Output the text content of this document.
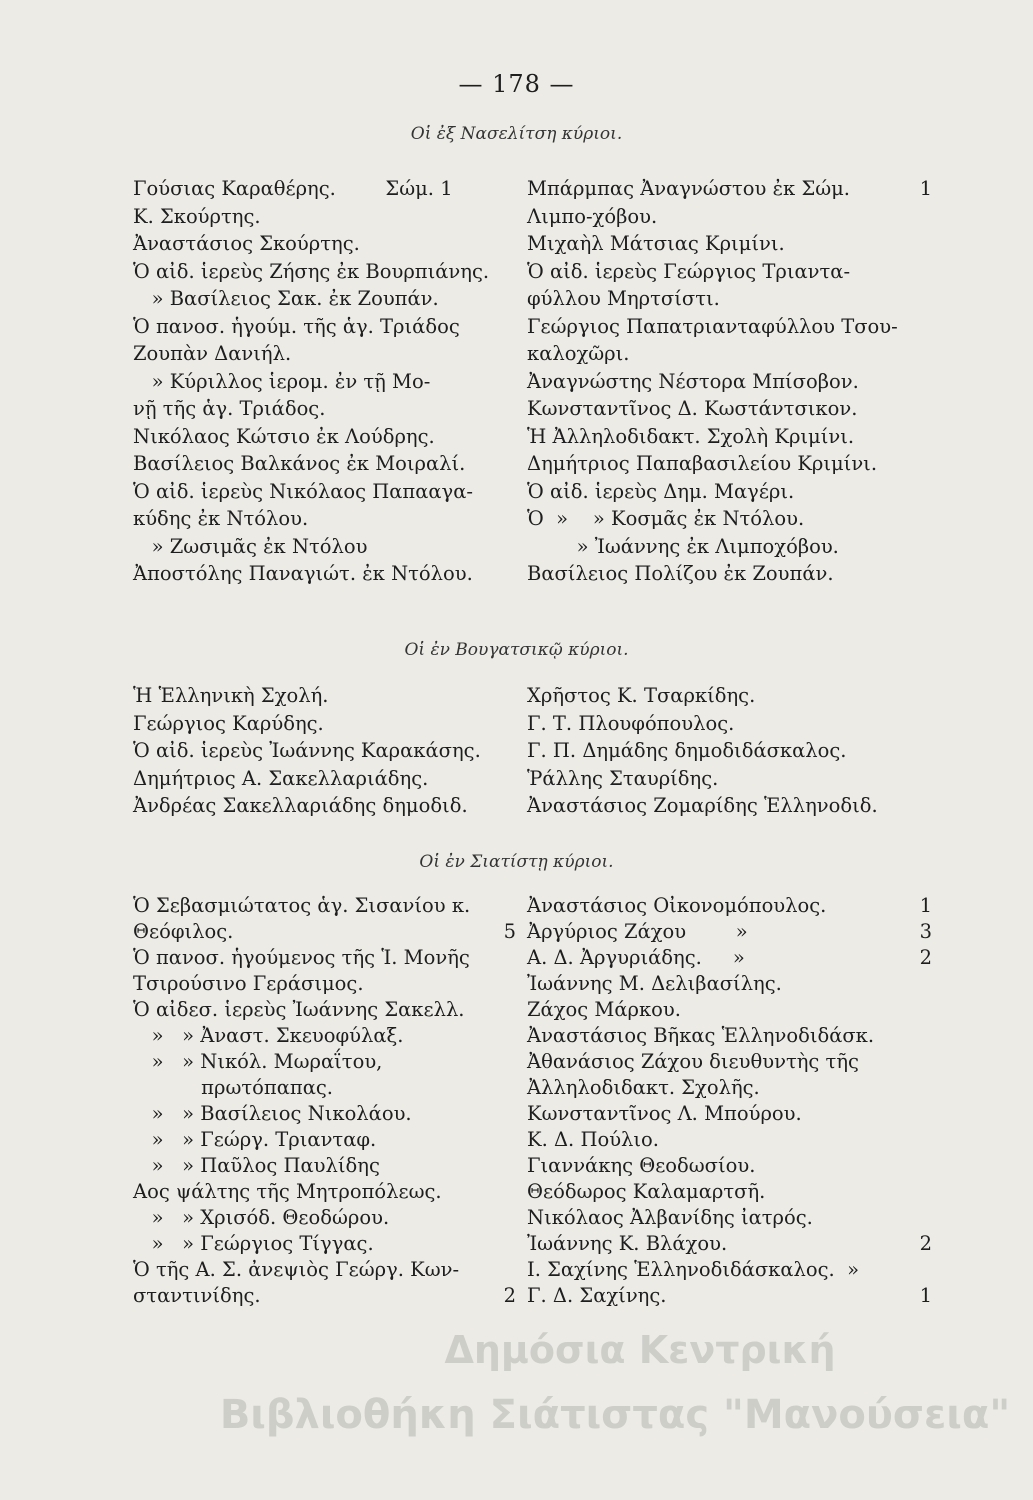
— 178 —
Οἱ ἐξ Νασελίτση κύριοι.
Γούσιας Καραθέρης.        Σώμ. 1
Κ. Σκούρτης.
Ἀναστάσιος Σκούρτης.
Ὁ αἰδ. ἱερεὺς Ζήσης ἐκ Βουρπιάνης.
» Βασίλειος Σακ. ἐκ Ζουπάν.
Ὁ πανοσ. ἡγούμ. τῆς ἁγ. Τριάδος
Ζουπὰν Δανιήλ.
» Κύριλλος ἱερομ. ἐν τῇ Μο-
νῇ τῆς ἁγ. Τριάδος.
Νικόλαος Κώτσιο ἐκ Λούδρης.
Βασίλειος Βαλκάνος ἐκ Μοιραλί.
Ὁ αἰδ. ἱερεὺς Νικόλαος Παπααγα-
κύδης ἐκ Ντόλου.
» Ζωσιμᾶς ἐκ Ντόλου
Ἀποστόλης Παναγιώτ. ἐκ Ντόλου.
Μπάρμπας Ἀναγνώστου ἐκ Σώμ.	1
Λιμπο-χόβου.
Μιχαὴλ Μάτσιας Κριμίνι.
Ὁ αἰδ. ἱερεὺς Γεώργιος Τριαντα-
φύλλου Μηρτσίστι.
Γεώργιος Παπατριανταφύλλου Τσου-
καλοχῶρι.
Ἀναγνώστης Νέστορα Μπίσοβον.
Κωνσταντῖνος Δ. Κωστάντσικον.
Ἡ Ἀλληλοδιδακτ. Σχολὴ Κριμίνι.
Δημήτριος Παπαβασιλείου Κριμίνι.
Ὁ αἰδ. ἱερεὺς Δημ. Μαγέρι.
Ὁ  »    » Κοσμᾶς ἐκ Ντόλου.
» Ἰωάννης ἐκ Λιμποχόβου.
Βασίλειος Πολίζου ἐκ Ζουπάν.
Οἱ ἐν Βουγατσικῷ κύριοι.
Ἡ Ἑλληνικὴ Σχολή.
Γεώργιος Καρύδης.
Ὁ αἰδ. ἱερεὺς Ἰωάννης Καρακάσης.
Δημήτριος Α. Σακελλαριάδης.
Ἀνδρέας Σακελλαριάδης δημοδιδ.
Χρῆστος Κ. Τσαρκίδης.
Γ. Τ. Πλουφόπουλος.
Γ. Π. Δημάδης δημοδιδάσκαλος.
Ῥάλλης Σταυρίδης.
Ἀναστάσιος Ζομαρίδης Ἑλληνοδιδ.
Οἱ ἐν Σιατίστῃ κύριοι.
Ὁ Σεβασμιώτατος ἁγ. Σισανίου κ.
Θεόφιλος.	5
Ὁ πανοσ. ἡγούμενος τῆς Ἱ. Μονῆς
Τσιρούσινο Γεράσιμος.
Ὁ αἰδεσ. ἱερεὺς Ἰωάννης Σακελλ.
»   » Ἀναστ. Σκευοφύλαξ.
»   » Νικόλ. Μωραΐτου,
πρωτόπαπας.
»   » Βασίλειος Νικολάου.
»   » Γεώργ. Τριανταφ.
»   » Παῦλος Παυλίδης
Αος ψάλτης τῆς Μητροπόλεως.
»   » Χρισόδ. Θεοδώρου.
»   » Γεώργιος Τίγγας.
Ὁ τῆς Α. Σ. ἀνεψιὸς Γεώργ. Κων-
σταντινίδης.	2
Ἀναστάσιος Οἰκονομόπουλος.	1
Ἀργύριος Ζάχου        »	3
Α. Δ. Ἀργυριάδης.     »	2
Ἰωάννης Μ. Δελιβασίλης.
Ζάχος Μάρκου.
Ἀναστάσιος Βῆκας Ἑλληνοδιδάσκ.
Ἀθανάσιος Ζάχου διευθυντὴς τῆς
Ἀλληλοδιδακτ. Σχολῆς.
Κωνσταντῖνος Λ. Μπούρου.
Κ. Δ. Πούλιο.
Γιαννάκης Θεοδωσίου.
Θεόδωρος Καλαμαρτσῆ.
Νικόλαος Ἀλβανίδης ἰατρός.
Ἰωάννης Κ. Βλάχου.	2
Ι. Σαχίνης Ἑλληνοδιδάσκαλος.  »
Γ. Δ. Σαχίνης.	1
Δημόσια Κεντρική
Βιβλιοθήκη Σιάτιστας "Μανούσεια"
